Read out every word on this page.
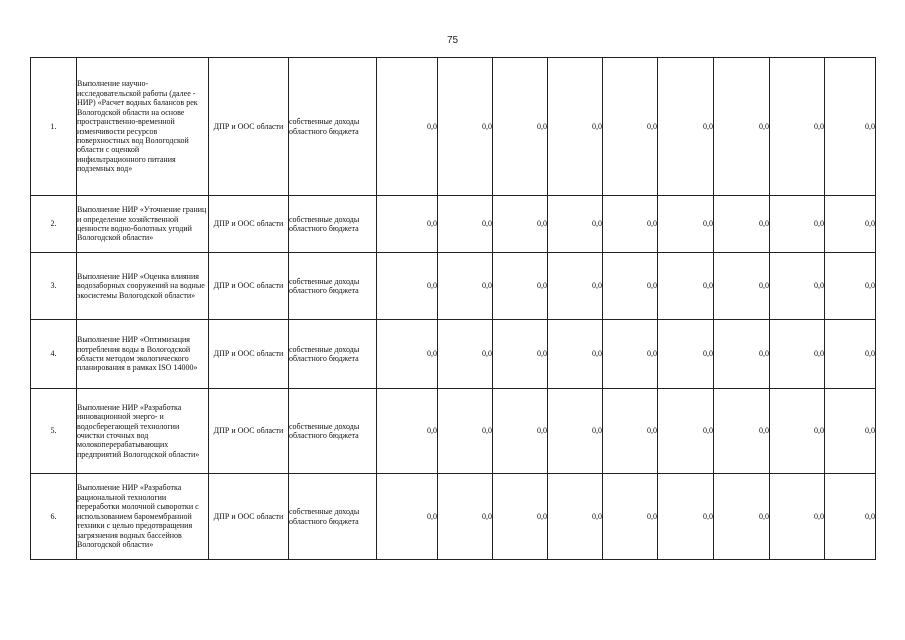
75
1.	Выполнение научно-исследовательской работы (далее - НИР) «Расчет водных балансов рек Вологодской области на основе пространственно-временной изменчивости ресурсов поверхностных вод Вологодской области с оценкой инфильтрационного питания подземных вод»	ДПР и ООС области	собственные доходы областного бюджета	0,0	0,0	0,0	0,0	0,0	0,0	0,0	0,0	0,0
2.	Выполнение НИР «Уточнение границ и определение хозяйственной ценности водно-болотных угодий Вологодской области»	ДПР и ООС области	собственные доходы областного бюджета	0,0	0,0	0,0	0,0	0,0	0,0	0,0	0,0	0,0
3.	Выполнение НИР «Оценка влияния водозаборных сооружений на водные экосистемы Вологодской области»	ДПР и ООС области	собственные доходы областного бюджета	0,0	0,0	0,0	0,0	0,0	0,0	0,0	0,0	0,0
4.	Выполнение НИР «Оптимизация потребления воды в Вологодской области методом экологического планирования в рамках ISO 14000»	ДПР и ООС области	собственные доходы областного бюджета	0,0	0,0	0,0	0,0	0,0	0,0	0,0	0,0	0,0
5.	Выполнение НИР «Разработка инновационной энерго- и водосберегающей технологии очистки сточных вод молокоперерабатывающих предприятий Вологодской области»	ДПР и ООС области	собственные доходы областного бюджета	0,0	0,0	0,0	0,0	0,0	0,0	0,0	0,0	0,0
6.	Выполнение НИР «Разработка рациональной технологии переработки молочной сыворотки с использованием баромембранной техники с целью предотвращения загрязнения водных бассейнов Вологодской области»	ДПР и ООС области	собственные доходы областного бюджета	0,0	0,0	0,0	0,0	0,0	0,0	0,0	0,0	0,0
